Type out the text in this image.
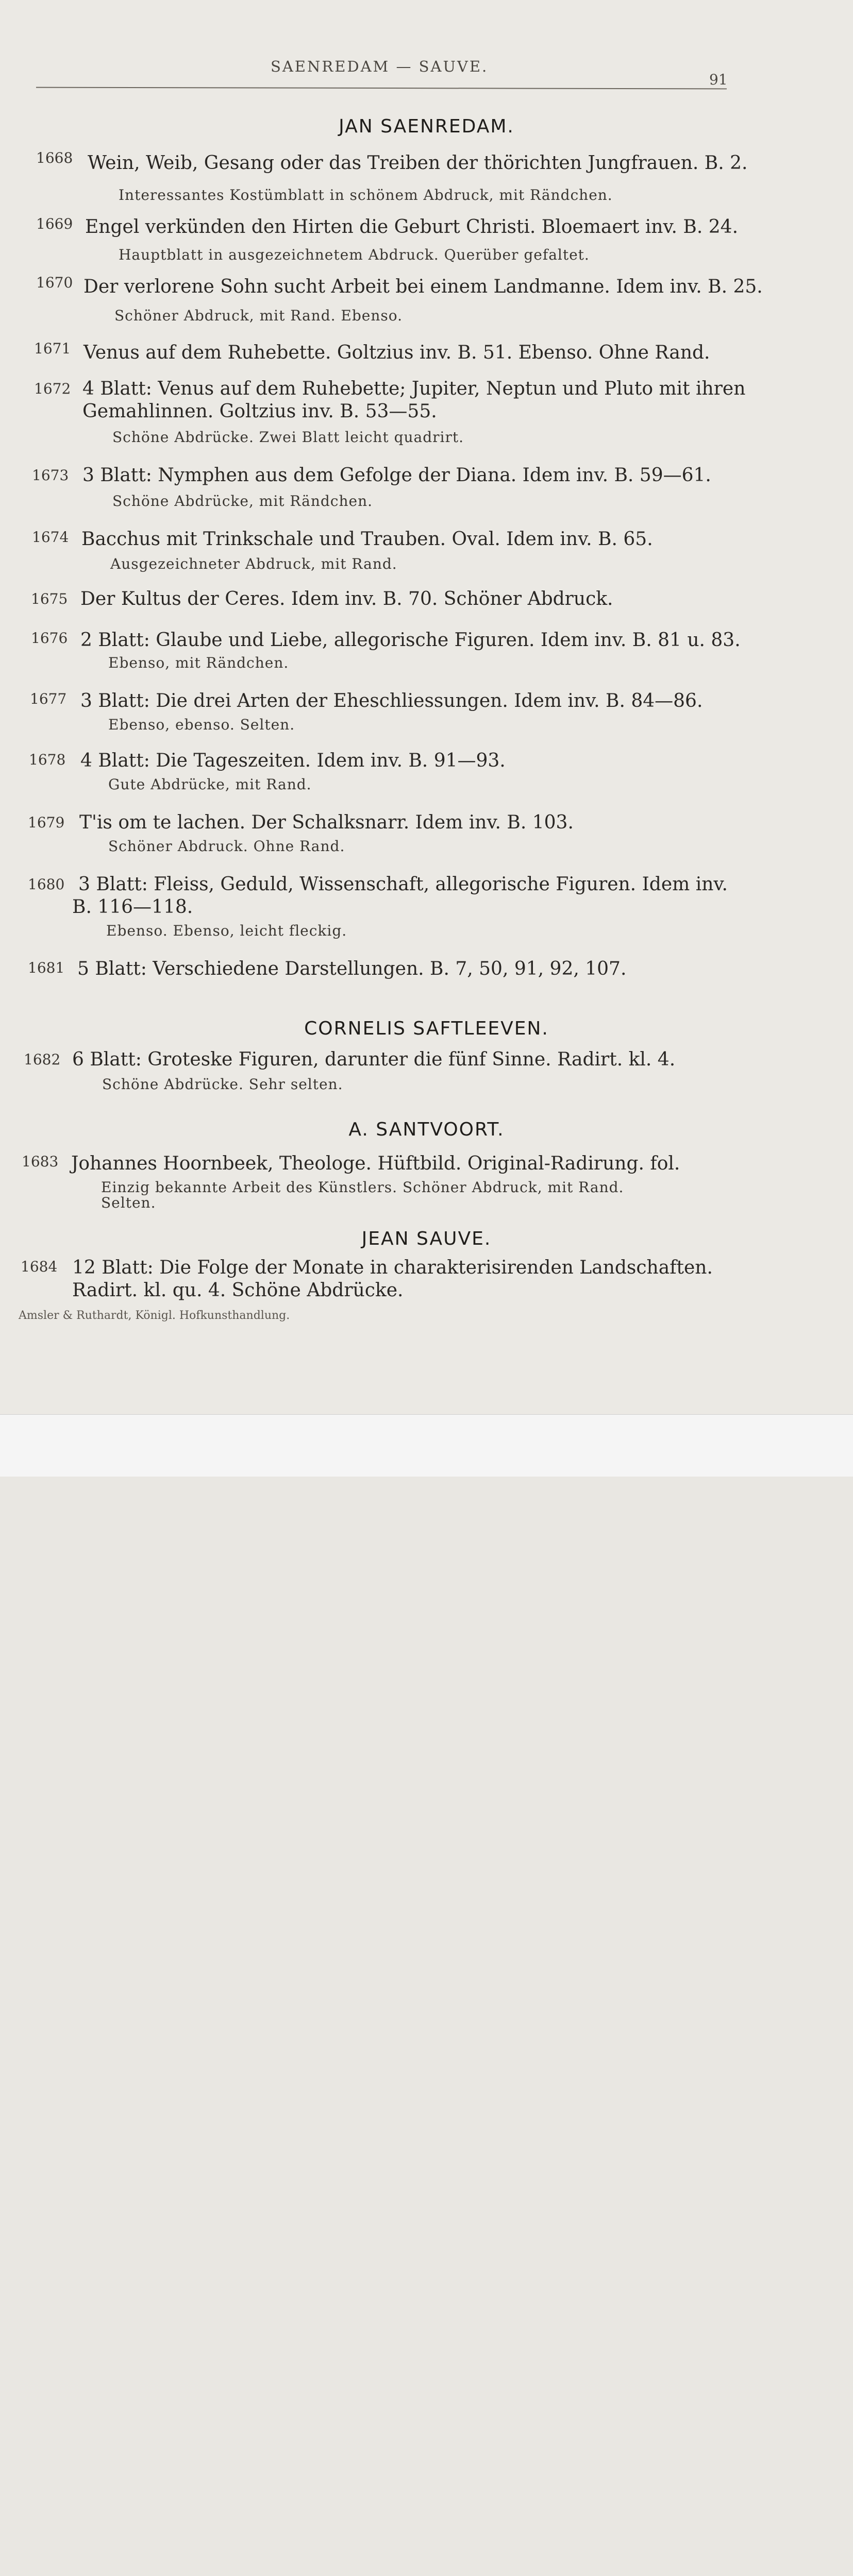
SAENREDAM — SAUVE.
91
JAN SAENREDAM.
1668 Wein, Weib, Gesang oder das Treiben der thörichten Jungfrauen. B. 2.
Interessantes Kostümblatt in schönem Abdruck, mit Rändchen.
1669 Engel verkünden den Hirten die Geburt Christi. Bloemaert inv. B. 24.
Hauptblatt in ausgezeichnetem Abdruck. Querüber gefaltet.
1670 Der verlorene Sohn sucht Arbeit bei einem Landmanne. Idem inv. B. 25.
Schöner Abdruck, mit Rand. Ebenso.
1671 Venus auf dem Ruhebette. Goltzius inv. B. 51. Ebenso. Ohne Rand.
1672 4 Blatt: Venus auf dem Ruhebette; Jupiter, Neptun und Pluto mit ihren
Gemahlinnen. Goltzius inv. B. 53—55.
Schöne Abdrücke. Zwei Blatt leicht quadrirt.
1673 3 Blatt: Nymphen aus dem Gefolge der Diana. Idem inv. B. 59—61.
Schöne Abdrücke, mit Rändchen.
1674 Bacchus mit Trinkschale und Trauben. Oval. Idem inv. B. 65.
Ausgezeichneter Abdruck, mit Rand.
1675 Der Kultus der Ceres. Idem inv. B. 70. Schöner Abdruck.
1676 2 Blatt: Glaube und Liebe, allegorische Figuren. Idem inv. B. 81 u. 83.
Ebenso, mit Rändchen.
1677 3 Blatt: Die drei Arten der Eheschliessungen. Idem inv. B. 84—86.
Ebenso, ebenso. Selten.
1678 4 Blatt: Die Tageszeiten. Idem inv. B. 91—93.
Gute Abdrücke, mit Rand.
1679 T'is om te lachen. Der Schalksnarr. Idem inv. B. 103.
Schöner Abdruck. Ohne Rand.
1680 3 Blatt: Fleiss, Geduld, Wissenschaft, allegorische Figuren. Idem inv.
B. 116—118.
Ebenso. Ebenso, leicht fleckig.
1681 5 Blatt: Verschiedene Darstellungen. B. 7, 50, 91, 92, 107.
CORNELIS SAFTLEEVEN.
1682 6 Blatt: Groteske Figuren, darunter die fünf Sinne. Radirt. kl. 4.
Schöne Abdrücke. Sehr selten.
A. SANTVOORT.
1683 Johannes Hoornbeek, Theologe. Hüftbild. Original-Radirung. fol.
Einzig bekannte Arbeit des Künstlers. Schöner Abdruck, mit Rand.
Selten.
JEAN SAUVE.
1684 12 Blatt: Die Folge der Monate in charakterisirenden Landschaften.
Radirt. kl. qu. 4. Schöne Abdrücke.
Amsler & Ruthardt, Königl. Hofkunsthandlung.
